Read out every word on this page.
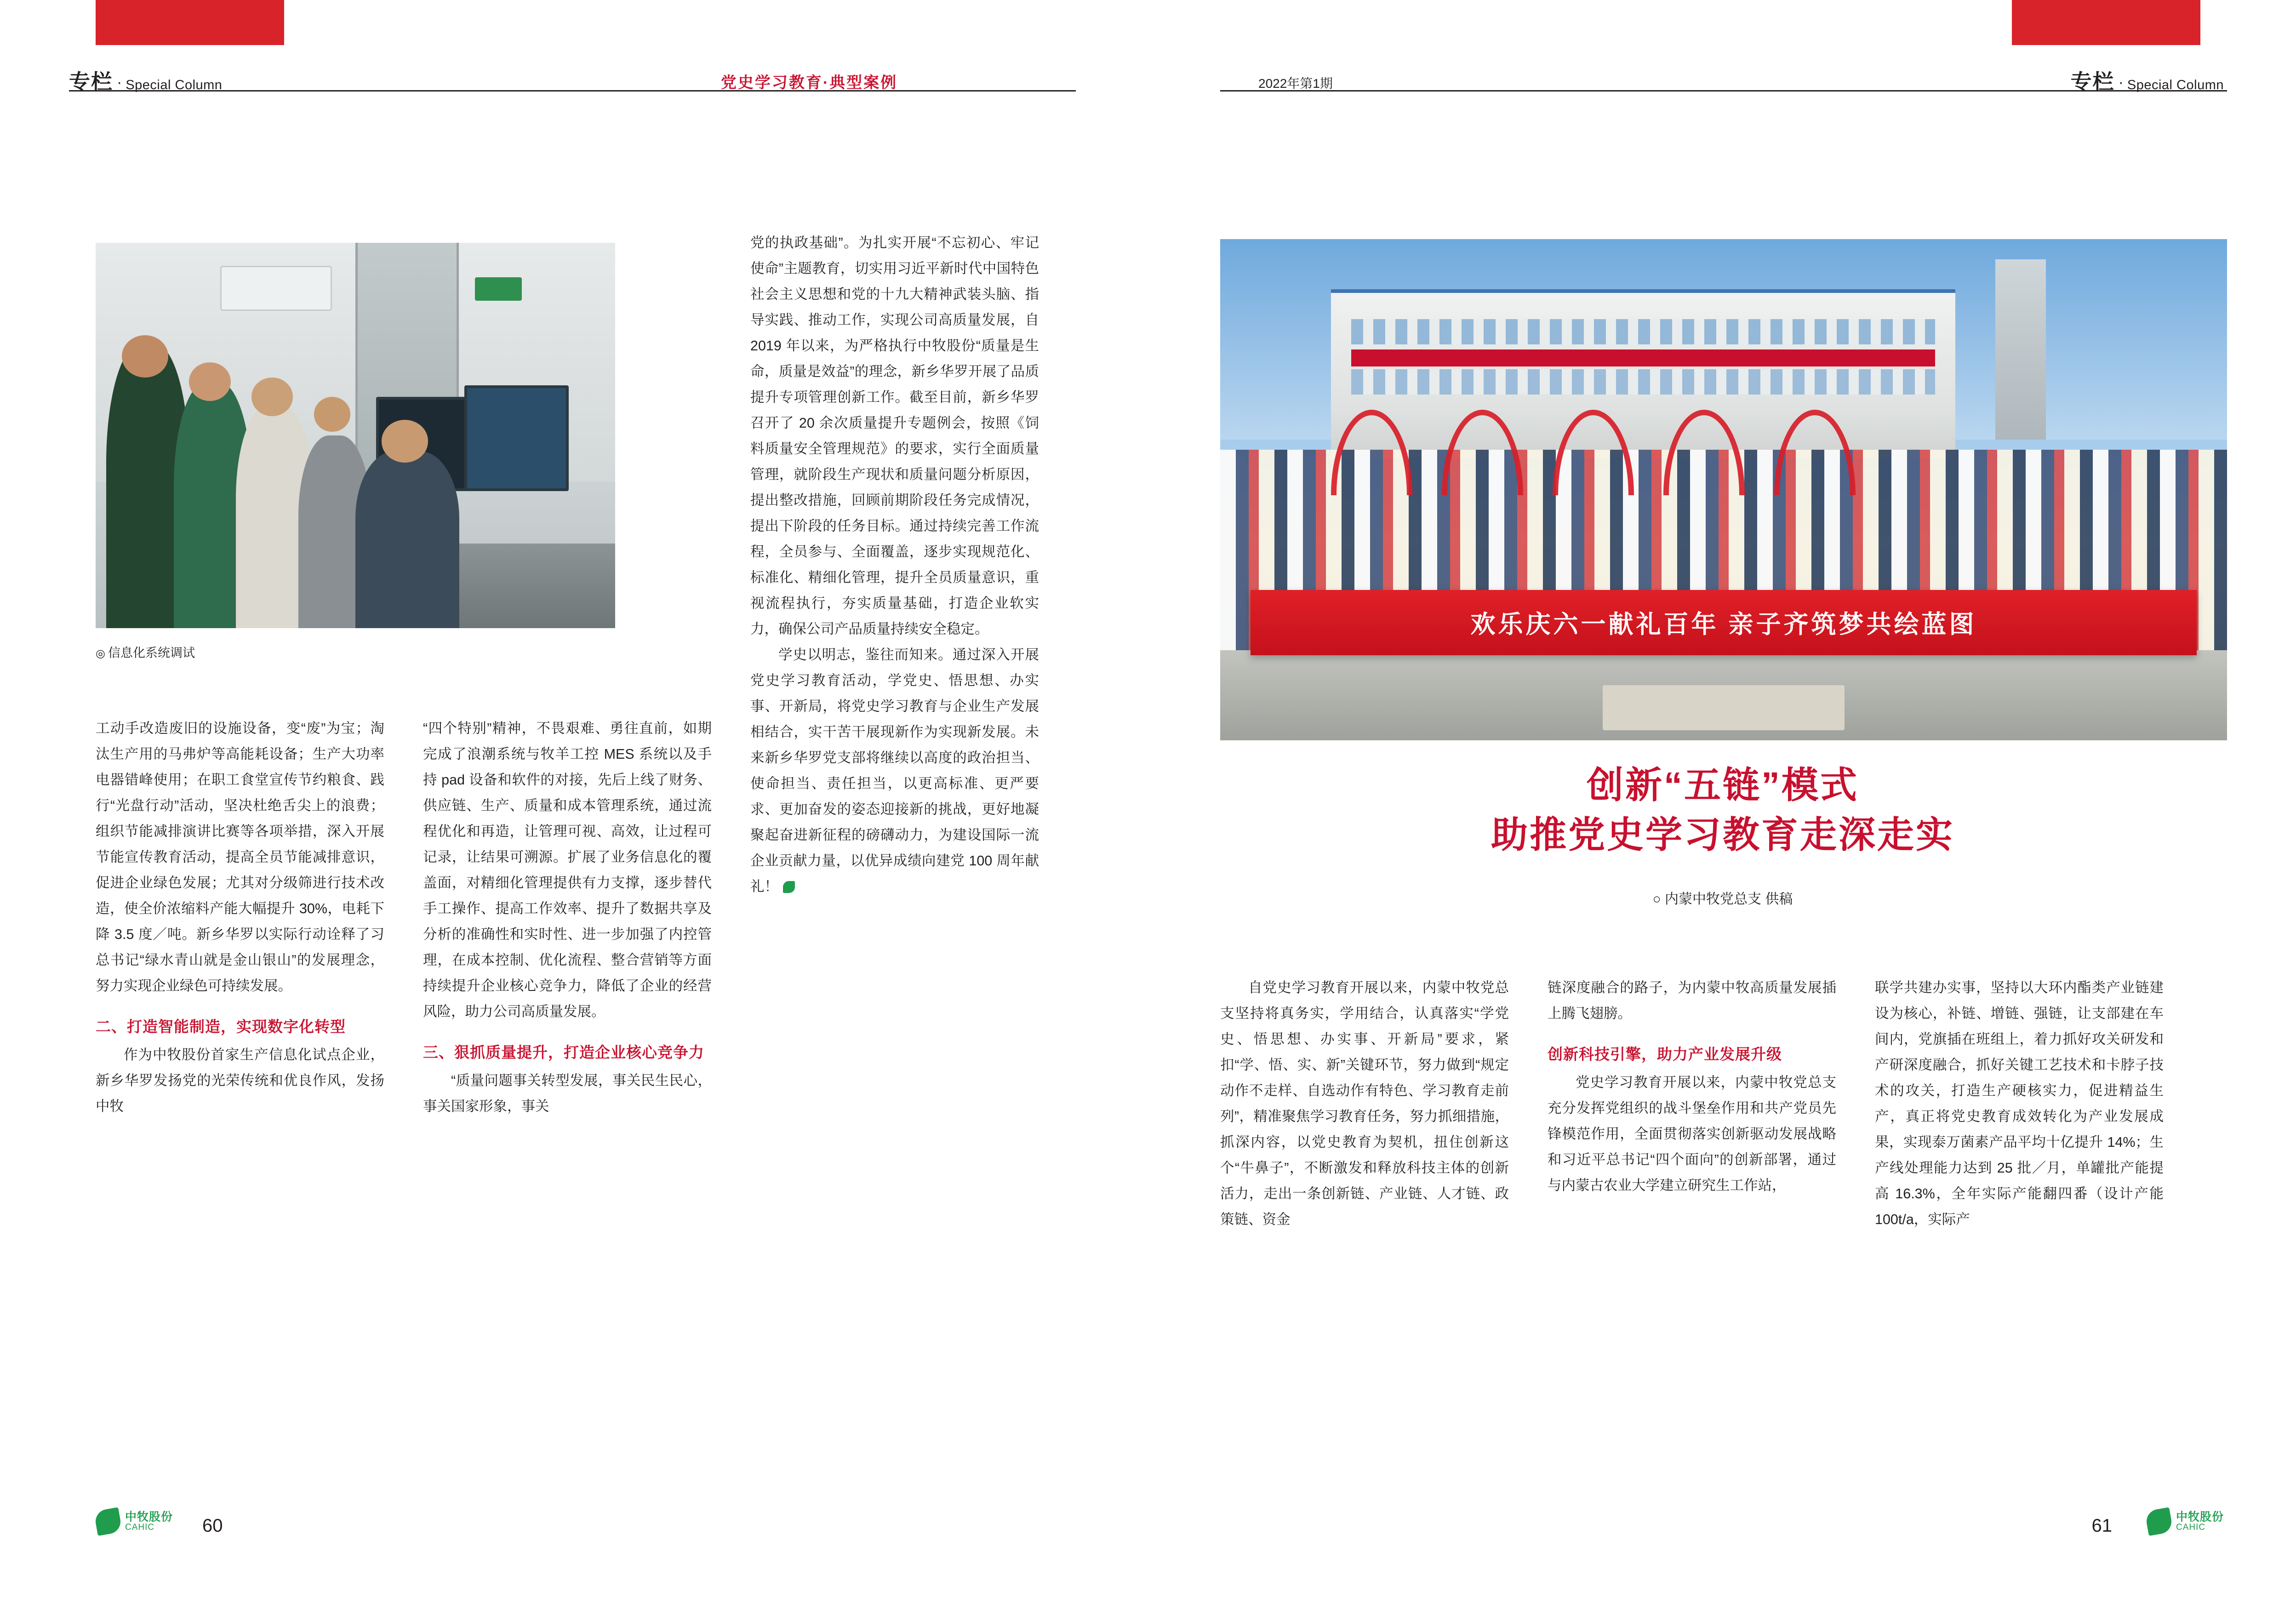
专栏 · Special Column	党史学习教育·典型案例
◎ 信息化系统调试

工动手改造废旧的设施设备，变“废”为宝；淘汰生产用的马弗炉等高能耗设备；生产大功率电器错峰使用；在职工食堂宣传节约粮食、践行“光盘行动”活动，坚决杜绝舌尖上的浪费；组织节能减排演讲比赛等各项举措，深入开展节能宣传教育活动，提高全员节能减排意识，促进企业绿色发展；尤其对分级筛进行技术改造，使全价浓缩料产能大幅提升 30%，电耗下降 3.5 度／吨。新乡华罗以实际行动诠释了习总书记“绿水青山就是金山银山”的发展理念，努力实现企业绿色可持续发展。

二、打造智能制造，实现数字化转型

作为中牧股份首家生产信息化试点企业，新乡华罗发扬党的光荣传统和优良作风，发扬中牧

“四个特别”精神，不畏艰难、勇往直前，如期完成了浪潮系统与牧羊工控 MES 系统以及手持 pad 设备和软件的对接，先后上线了财务、供应链、生产、质量和成本管理系统，通过流程优化和再造，让管理可视、高效，让过程可记录，让结果可溯源。扩展了业务信息化的覆盖面，对精细化管理提供有力支撑，逐步替代手工操作、提高工作效率、提升了数据共享及分析的准确性和实时性、进一步加强了内控管理，在成本控制、优化流程、整合营销等方面持续提升企业核心竞争力，降低了企业的经营风险，助力公司高质量发展。

三、狠抓质量提升，打造企业核心竞争力

“质量问题事关转型发展，事关民生民心，事关国家形象，事关

党的执政基础”。为扎实开展“不忘初心、牢记使命”主题教育，切实用习近平新时代中国特色社会主义思想和党的十九大精神武装头脑、指导实践、推动工作，实现公司高质量发展，自 2019 年以来，为严格执行中牧股份“质量是生命，质量是效益”的理念，新乡华罗开展了品质提升专项管理创新工作。截至目前，新乡华罗召开了 20 余次质量提升专题例会，按照《饲料质量安全管理规范》的要求，实行全面质量管理，就阶段生产现状和质量问题分析原因，提出整改措施，回顾前期阶段任务完成情况，提出下阶段的任务目标。通过持续完善工作流程，全员参与、全面覆盖，逐步实现规范化、标准化、精细化管理，提升全员质量意识，重视流程执行，夯实质量基础，打造企业软实力，确保公司产品质量持续安全稳定。

学史以明志，鉴往而知来。通过深入开展党史学习教育活动，学党史、悟思想、办实事、开新局，将党史学习教育与企业生产发展相结合，实干苦干展现新作为实现新发展。未来新乡华罗党支部将继续以高度的政治担当、使命担当、责任担当，以更高标准、更严要求、更加奋发的姿态迎接新的挑战，更好地凝聚起奋进新征程的磅礴动力，为建设国际一流企业贡献力量，以优异成绩向建党 100 周年献礼！

中牧股份
CAHIC	60
2022年第1期	专栏 · Special Column
欢乐庆六一献礼百年 亲子齐筑梦共绘蓝图
创新“五链”模式
助推党史学习教育走深走实
○ 内蒙中牧党总支 供稿

自党史学习教育开展以来，内蒙中牧党总支坚持将真务实，学用结合，认真落实“学党史、悟思想、办实事、开新局”要求，紧扣“学、悟、实、新”关键环节，努力做到“规定动作不走样、自选动作有特色、学习教育走前列”，精准聚焦学习教育任务，努力抓细措施，抓深内容，以党史教育为契机，扭住创新这个“牛鼻子”，不断激发和释放科技主体的创新活力，走出一条创新链、产业链、人才链、政策链、资金

链深度融合的路子，为内蒙中牧高质量发展插上腾飞翅膀。

创新科技引擎，助力产业发展升级

党史学习教育开展以来，内蒙中牧党总支充分发挥党组织的战斗堡垒作用和共产党员先锋模范作用，全面贯彻落实创新驱动发展战略和习近平总书记“四个面向”的创新部署，通过与内蒙古农业大学建立研究生工作站，

联学共建办实事，坚持以大环内酯类产业链建设为核心，补链、增链、强链，让支部建在车间内，党旗插在班组上，着力抓好攻关研发和产研深度融合，抓好关键工艺技术和卡脖子技术的攻关，打造生产硬核实力，促进精益生产，真正将党史教育成效转化为产业发展成果，实现泰万菌素产品平均十亿提升 14%；生产线处理能力达到 25 批／月，单罐批产能提高 16.3%，全年实际产能翻四番（设计产能 100t/a，实际产

61	中牧股份
CAHIC
